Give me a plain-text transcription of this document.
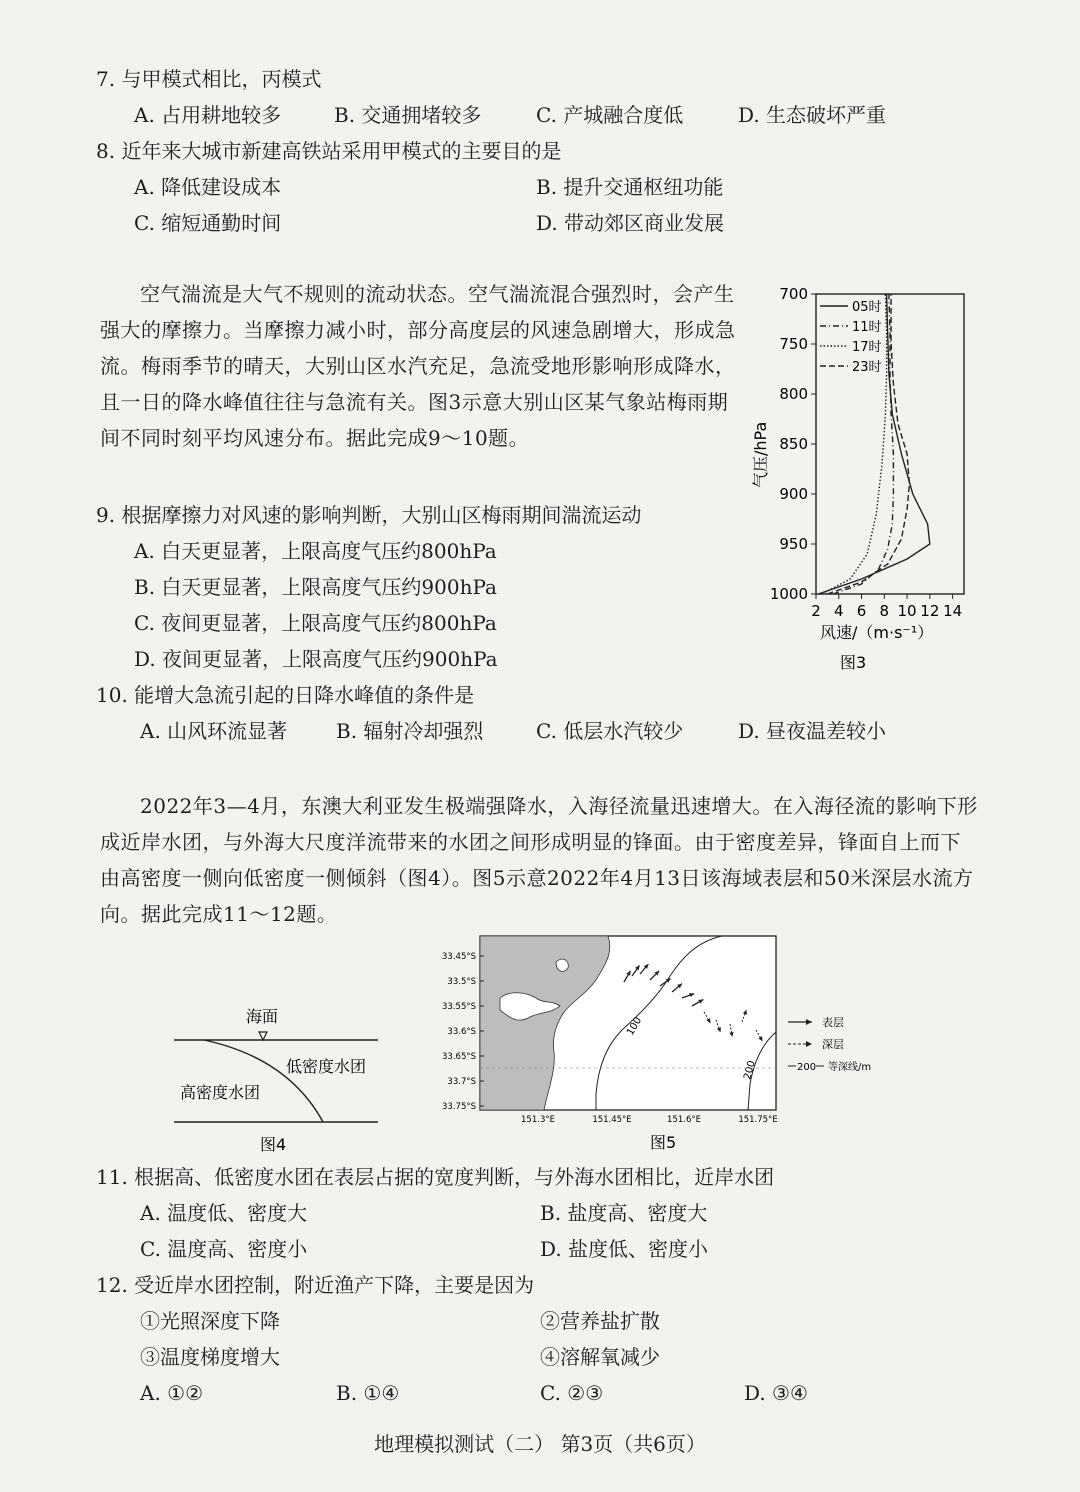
7. 与甲模式相比，丙模式
A. 占用耕地较多	B. 交通拥堵较多	C. 产城融合度低	D. 生态破坏严重
8. 近年来大城市新建高铁站采用甲模式的主要目的是
A. 降低建设成本	B. 提升交通枢纽功能
C. 缩短通勤时间	D. 带动郊区商业发展
空气湍流是大气不规则的流动状态。空气湍流混合强烈时，会产生强大的摩擦力。当摩擦力减小时，部分高度层的风速急剧增大，形成急流。梅雨季节的晴天，大别山区水汽充足，急流受地形影响形成降水，且一日的降水峰值往往与急流有关。图3示意大别山区某气象站梅雨期间不同时刻平均风速分布。据此完成9～10题。
700
750
800
850
900
950
1000
2 4 6 8 10 12 14
05时
11时
17时
23时
气压/hPa
风速/（m·s⁻¹）
图3
9. 根据摩擦力对风速的影响判断，大别山区梅雨期间湍流运动
A. 白天更显著，上限高度气压约800hPa
B. 白天更显著，上限高度气压约900hPa
C. 夜间更显著，上限高度气压约800hPa
D. 夜间更显著，上限高度气压约900hPa
10. 能增大急流引起的日降水峰值的条件是
A. 山风环流显著 B. 辐射冷却强烈	C. 低层水汽较少	D. 昼夜温差较小
2022年3—4月，东澳大利亚发生极端强降水，入海径流量迅速增大。在入海径流的影响下形成近岸水团，与外海大尺度洋流带来的水团之间形成明显的锋面。由于密度差异，锋面自上而下由高密度一侧向低密度一侧倾斜（图4）。图5示意2022年4月13日该海域表层和50米深层水流方向。据此完成11～12题。
海面
低密度水团
高密度水团
图4
100
200
33.45°S
33.5°S
33.55°S
33.6°S
33.65°S
33.7°S
33.75°S
151.3°E	151.45°E	151.6°E	151.75°E
表层
深层
200 等深线/m
图5
11. 根据高、低密度水团在表层占据的宽度判断，与外海水团相比，近岸水团
A. 温度低、密度大	B. 盐度高、密度大
C. 温度高、密度小	D. 盐度低、密度小
12. 受近岸水团控制，附近渔产下降，主要是因为
①光照深度下降	②营养盐扩散
③温度梯度增大	④溶解氧减少
A. ①②	B. ①④	C. ②③	D. ③④
地理模拟测试（二） 第3页（共6页）
